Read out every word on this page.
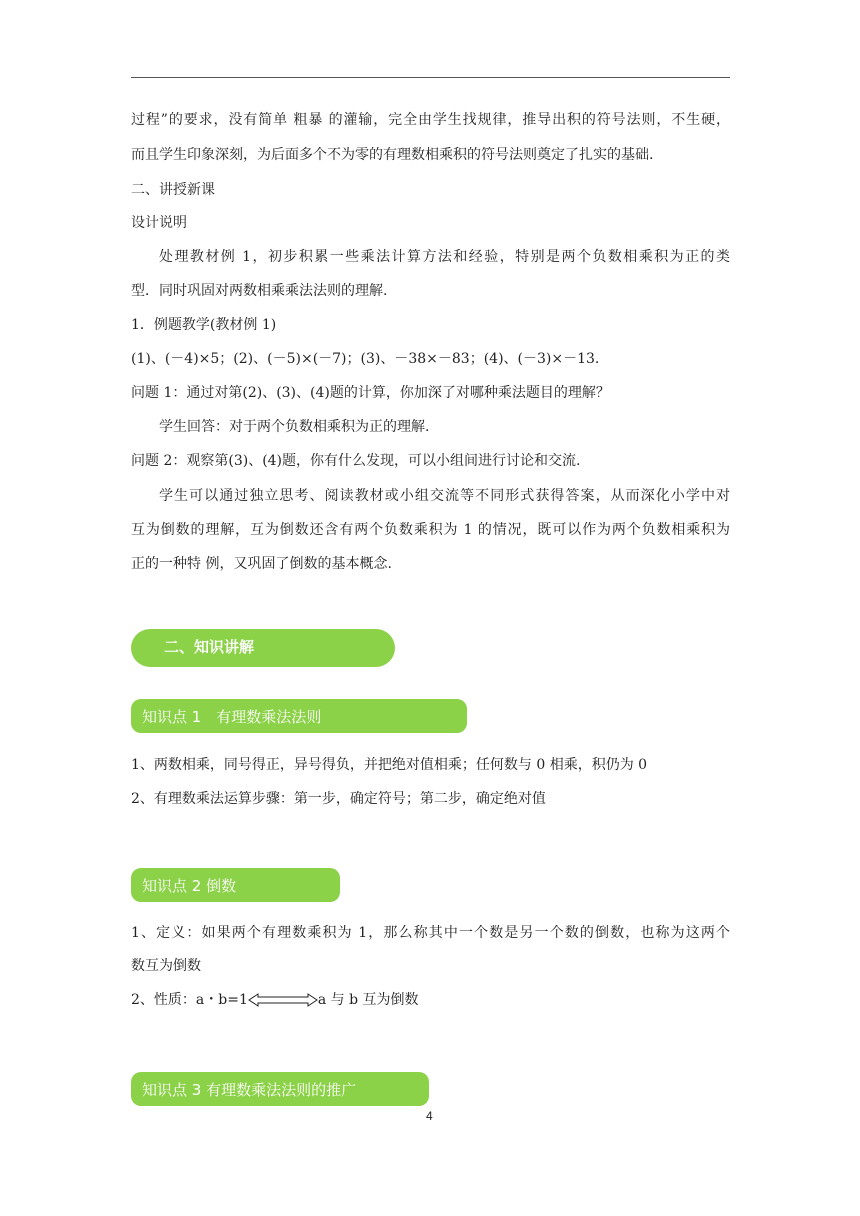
过程”的要求，没有简单 粗暴 的灌输，完全由学生找规律，推导出积的符号法则，不生硬，
而且学生印象深刻，为后面多个不为零的有理数相乘积的符号法则奠定了扎实的基础.
二、讲授新课
设计说明
处理教材例 1，初步积累一些乘法计算方法和经验，特别是两个负数相乘积为正的类
型．同时巩固对两数相乘乘法法则的理解.
1．例题教学(教材例 1)
(1)、(－4)×5；(2)、(－5)×(－7)；(3)、－38×－83；(4)、(－3)×－13.
问题 1：通过对第(2)、(3)、(4)题的计算，你加深了对哪种乘法题目的理解？
学生回答：对于两个负数相乘积为正的理解.
问题 2：观察第(3)、(4)题，你有什么发现，可以小组间进行讨论和交流.
学生可以通过独立思考、阅读教材或小组交流等不同形式获得答案，从而深化小学中对
互为倒数的理解，互为倒数还含有两个负数乘积为 1 的情况，既可以作为两个负数相乘积为
正的一种特 例，又巩固了倒数的基本概念.
二、知识讲解
知识点 1　有理数乘法法则
1、两数相乘，同号得正，异号得负，并把绝对值相乘；任何数与 0 相乘，积仍为 0
2、有理数乘法运算步骤：第一步，确定符号；第二步，确定绝对值
知识点 2 倒数
1、定义：如果两个有理数乘积为 1，那么称其中一个数是另一个数的倒数，也称为这两个
数互为倒数
2、性质：a・b=1	a 与 b 互为倒数
知识点 3 有理数乘法法则的推广
4
